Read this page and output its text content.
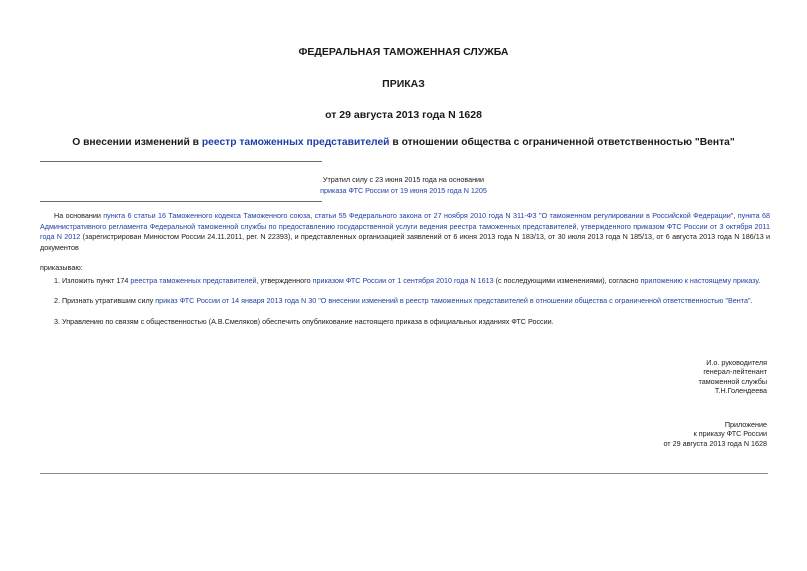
ФЕДЕРАЛЬНАЯ ТАМОЖЕННАЯ СЛУЖБА
ПРИКАЗ
от 29 августа 2013 года N 1628
О внесении изменений в реестр таможенных представителей в отношении общества с ограниченной ответственностью "Вента"
Утратил силу с 23 июня 2015 года на основании
приказа ФТС России от 19 июня 2015 года N 1205

На основании пункта 6 статьи 16 Таможенного кодекса Таможенного союза, статьи 55 Федерального закона от 27 ноября 2010 года N 311-ФЗ "О таможенном регулировании в Российской Федерации", пункта 68 Административного регламента Федеральной таможенной службы по предоставлению государственной услуги ведения реестра таможенных представителей, утвержденного приказом ФТС России от 3 октября 2011 года N 2012 (зарегистрирован Минюстом России 24.11.2011, рег. N 22393), и представленных организацией заявлений от 6 июня 2013 года N 183/13, от 30 июля 2013 года N 185/13, от 6 августа 2013 года N 186/13 и документов

приказываю:

1. Изложить пункт 174 реестра таможенных представителей, утвержденного приказом ФТС России от 1 сентября 2010 года N 1613 (с последующими изменениями), согласно приложению к настоящему приказу.

2. Признать утратившим силу приказ ФТС России от 14 января 2013 года N 30 "О внесении изменений в реестр таможенных представителей в отношении общества с ограниченной ответственностью "Вента".

3. Управлению по связям с общественностью (А.В.Смеляков) обеспечить опубликование настоящего приказа в официальных изданиях ФТС России.

И.о. руководителя
генерал-лейтенант
таможенной службы
Т.Н.Голендеева
Приложение
к приказу ФТС России
от 29 августа 2013 года N 1628
